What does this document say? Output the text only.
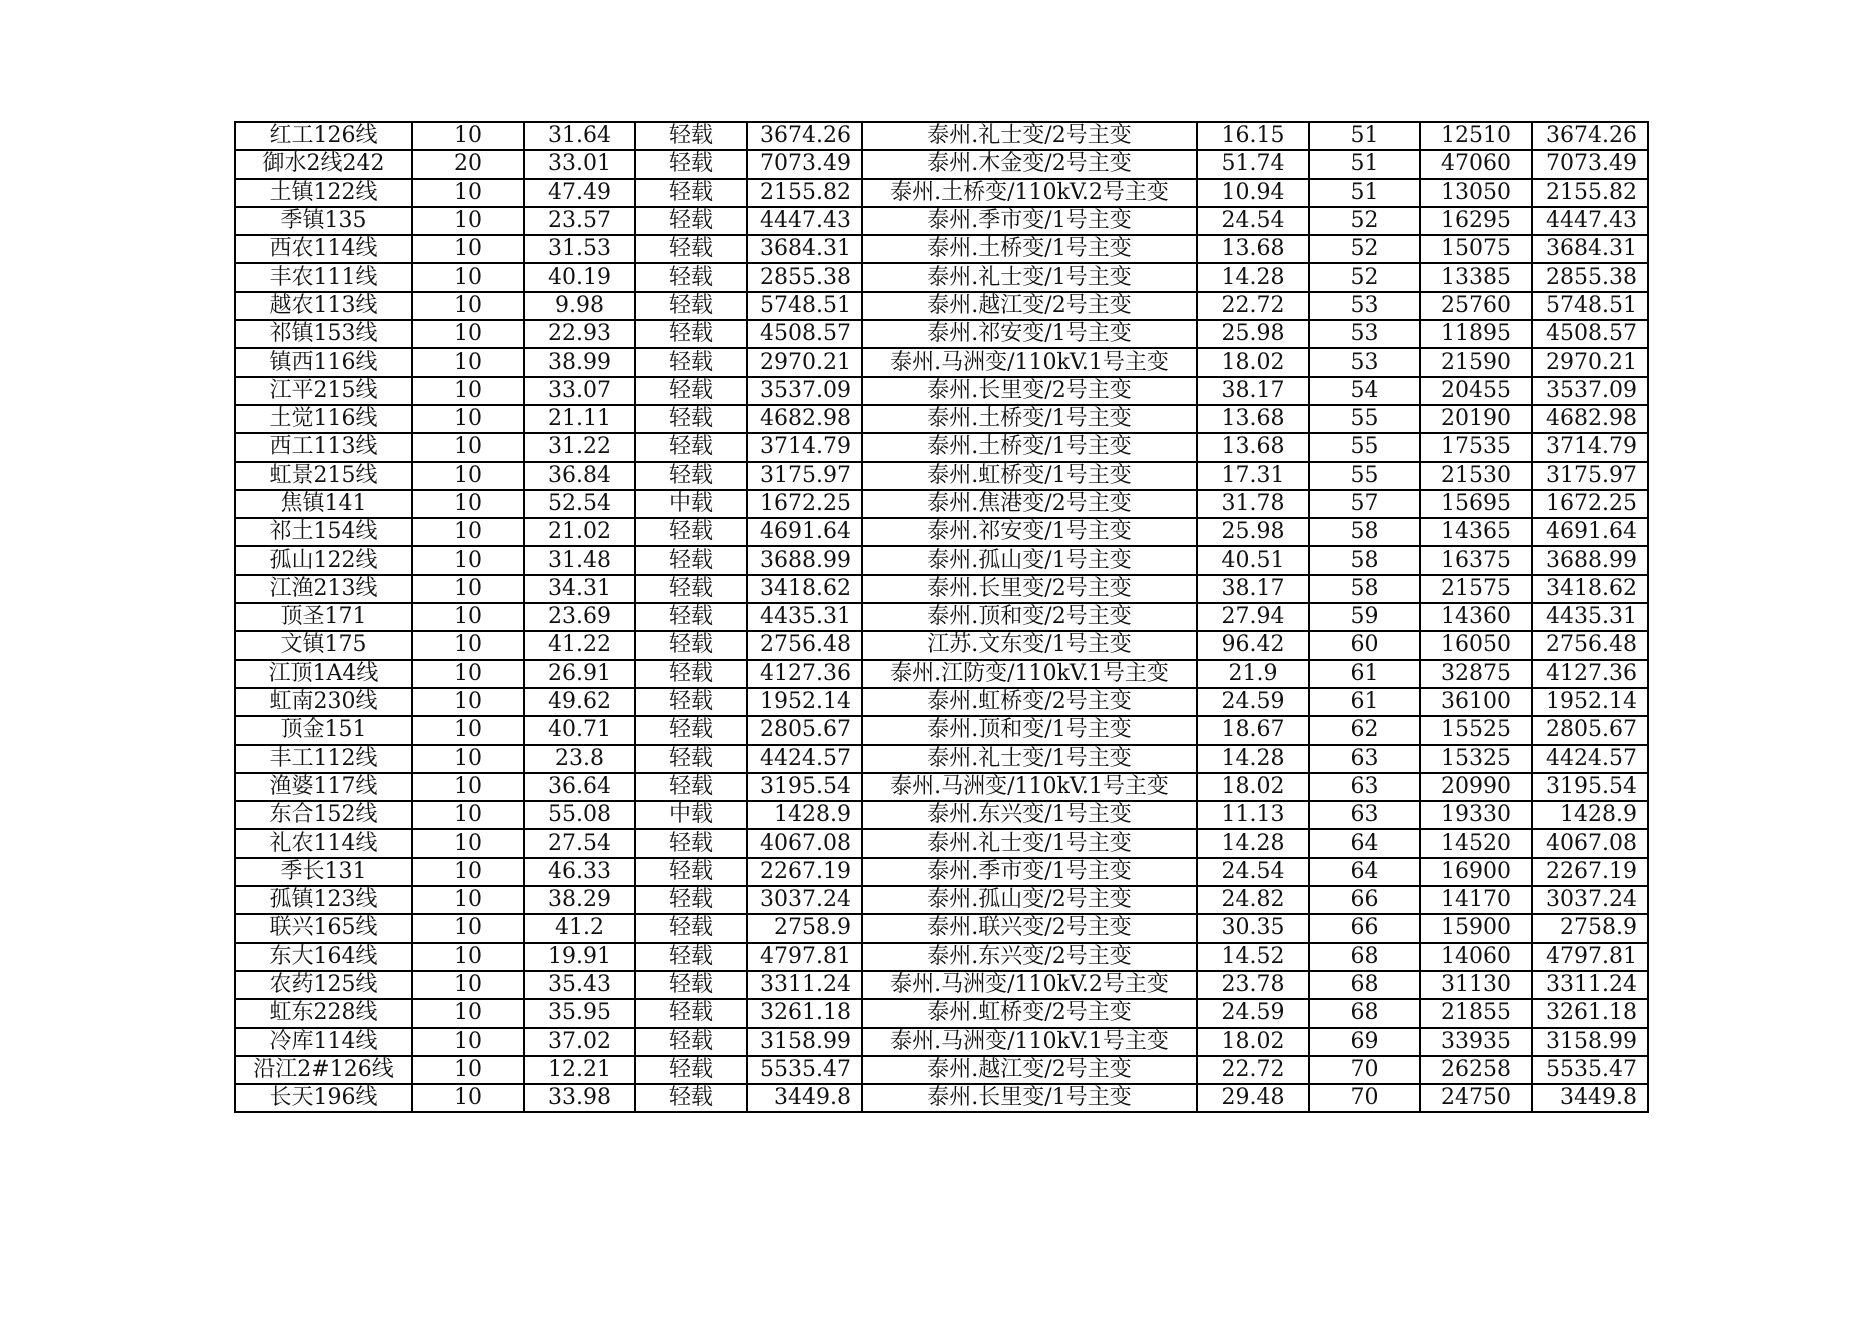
红工126线	10	31.64	轻载	3674.26	泰州.礼士变/2号主变	16.15	51	12510	3674.26
御水2线242	20	33.01	轻载	7073.49	泰州.木金变/2号主变	51.74	51	47060	7073.49
土镇122线	10	47.49	轻载	2155.82	泰州.土桥变/110kV.2号主变	10.94	51	13050	2155.82
季镇135	10	23.57	轻载	4447.43	泰州.季市变/1号主变	24.54	52	16295	4447.43
西农114线	10	31.53	轻载	3684.31	泰州.土桥变/1号主变	13.68	52	15075	3684.31
丰农111线	10	40.19	轻载	2855.38	泰州.礼士变/1号主变	14.28	52	13385	2855.38
越农113线	10	9.98	轻载	5748.51	泰州.越江变/2号主变	22.72	53	25760	5748.51
祁镇153线	10	22.93	轻载	4508.57	泰州.祁安变/1号主变	25.98	53	11895	4508.57
镇西116线	10	38.99	轻载	2970.21	泰州.马洲变/110kV.1号主变	18.02	53	21590	2970.21
江平215线	10	33.07	轻载	3537.09	泰州.长里变/2号主变	38.17	54	20455	3537.09
土觉116线	10	21.11	轻载	4682.98	泰州.土桥变/1号主变	13.68	55	20190	4682.98
西工113线	10	31.22	轻载	3714.79	泰州.土桥变/1号主变	13.68	55	17535	3714.79
虹景215线	10	36.84	轻载	3175.97	泰州.虹桥变/1号主变	17.31	55	21530	3175.97
焦镇141	10	52.54	中载	1672.25	泰州.焦港变/2号主变	31.78	57	15695	1672.25
祁土154线	10	21.02	轻载	4691.64	泰州.祁安变/1号主变	25.98	58	14365	4691.64
孤山122线	10	31.48	轻载	3688.99	泰州.孤山变/1号主变	40.51	58	16375	3688.99
江渔213线	10	34.31	轻载	3418.62	泰州.长里变/2号主变	38.17	58	21575	3418.62
顶圣171	10	23.69	轻载	4435.31	泰州.顶和变/2号主变	27.94	59	14360	4435.31
文镇175	10	41.22	轻载	2756.48	江苏.文东变/1号主变	96.42	60	16050	2756.48
江顶1A4线	10	26.91	轻载	4127.36	泰州.江防变/110kV.1号主变	21.9	61	32875	4127.36
虹南230线	10	49.62	轻载	1952.14	泰州.虹桥变/2号主变	24.59	61	36100	1952.14
顶金151	10	40.71	轻载	2805.67	泰州.顶和变/1号主变	18.67	62	15525	2805.67
丰工112线	10	23.8	轻载	4424.57	泰州.礼士变/1号主变	14.28	63	15325	4424.57
渔婆117线	10	36.64	轻载	3195.54	泰州.马洲变/110kV.1号主变	18.02	63	20990	3195.54
东合152线	10	55.08	中载	1428.9	泰州.东兴变/1号主变	11.13	63	19330	1428.9
礼农114线	10	27.54	轻载	4067.08	泰州.礼士变/1号主变	14.28	64	14520	4067.08
季长131	10	46.33	轻载	2267.19	泰州.季市变/1号主变	24.54	64	16900	2267.19
孤镇123线	10	38.29	轻载	3037.24	泰州.孤山变/2号主变	24.82	66	14170	3037.24
联兴165线	10	41.2	轻载	2758.9	泰州.联兴变/2号主变	30.35	66	15900	2758.9
东大164线	10	19.91	轻载	4797.81	泰州.东兴变/2号主变	14.52	68	14060	4797.81
农药125线	10	35.43	轻载	3311.24	泰州.马洲变/110kV.2号主变	23.78	68	31130	3311.24
虹东228线	10	35.95	轻载	3261.18	泰州.虹桥变/2号主变	24.59	68	21855	3261.18
冷库114线	10	37.02	轻载	3158.99	泰州.马洲变/110kV.1号主变	18.02	69	33935	3158.99
沿江2#126线	10	12.21	轻载	5535.47	泰州.越江变/2号主变	22.72	70	26258	5535.47
长天196线	10	33.98	轻载	3449.8	泰州.长里变/1号主变	29.48	70	24750	3449.8
